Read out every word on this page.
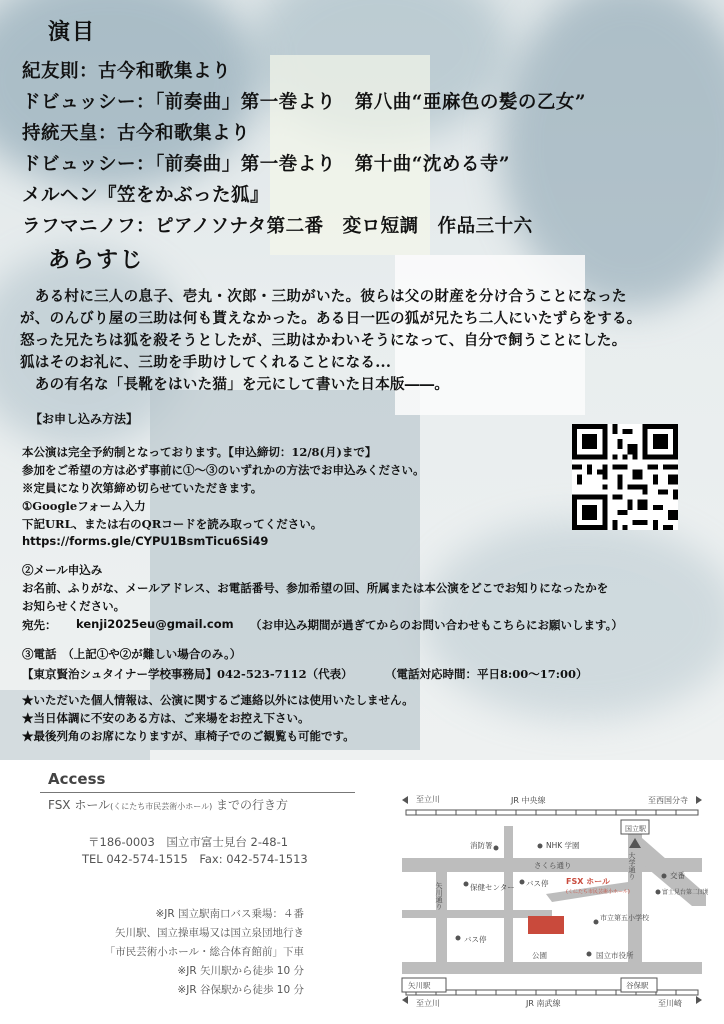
演目
紀友則：古今和歌集より
ドビュッシー：「前奏曲」第一巻より　第八曲“亜麻色の髪の乙女”
持統天皇：古今和歌集より
ドビュッシー：「前奏曲」第一巻より　第十曲“沈める寺”
メルヘン『笠をかぶった狐』
ラフマニノフ：ピアノソナタ第二番　変ロ短調　作品三十六
あらすじ
　ある村に三人の息子、壱丸・次郎・三助がいた。彼らは父の財産を分け合うことになった
が、のんびり屋の三助は何も貰えなかった。ある日一匹の狐が兄たち二人にいたずらをする。
怒った兄たちは狐を殺そうとしたが、三助はかわいそうになって、自分で飼うことにした。
狐はそのお礼に、三助を手助けしてくれることになる...
　あの有名な「長靴をはいた猫」を元にして書いた日本版――。
【お申し込み方法】
本公演は完全予約制となっております。【申込締切：12/8(月)まで】
参加をご希望の方は必ず事前に①～③のいずれかの方法でお申込みください。
※定員になり次第締め切らせていただきます。
①Googleフォーム入力
下記URL、または右のQRコードを読み取ってください。
https://forms.gle/CYPU1BsmTicu6Si49
②メール申込み
お名前、ふりがな、メールアドレス、お電話番号、参加希望の回、所属または本公演をどこでお知りになったかを
お知らせください。
宛先： kenji2025eu@gmail.com （お申込み期間が過ぎてからのお問い合わせもこちらにお願いします。）
③電話　（上記①や②が難しい場合のみ。）
【東京賢治シュタイナー学校事務局】042-523-7112（代表）	（電話対応時間：平日8:00～17:00）
★いただいた個人情報は、公演に関するご連絡以外には使用いたしません。
★当日体調に不安のある方は、ご来場をお控え下さい。
★最後列角のお席になりますが、車椅子でのご観覧も可能です。
Access
FSX ホール(くにたち市民芸術小ホール) までの行き方
〒186-0003　国立市富士見台 2-48-1
TEL 042-574-1515　Fax: 042-574-1513
※JR 国立駅南口バス乗場：４番
矢川駅、国立操車場又は国立泉団地行き
「市民芸術小ホール・総合体育館前」下車
※JR 矢川駅から徒歩 10 分
※JR 谷保駅から徒歩 10 分
至立川	JR 中央線	至西国分寺
国立駅
消防署	NHK 学園
さくら通り
矢川通り	保健センター バス停 FSX ホール
(くにたち市民芸術小ホール)
交番
富士見台第二団地
大学通り
バス停
市立第五小学校
公園	国立市役所
矢川駅	谷保駅
至立川	JR 南武線	至川崎
